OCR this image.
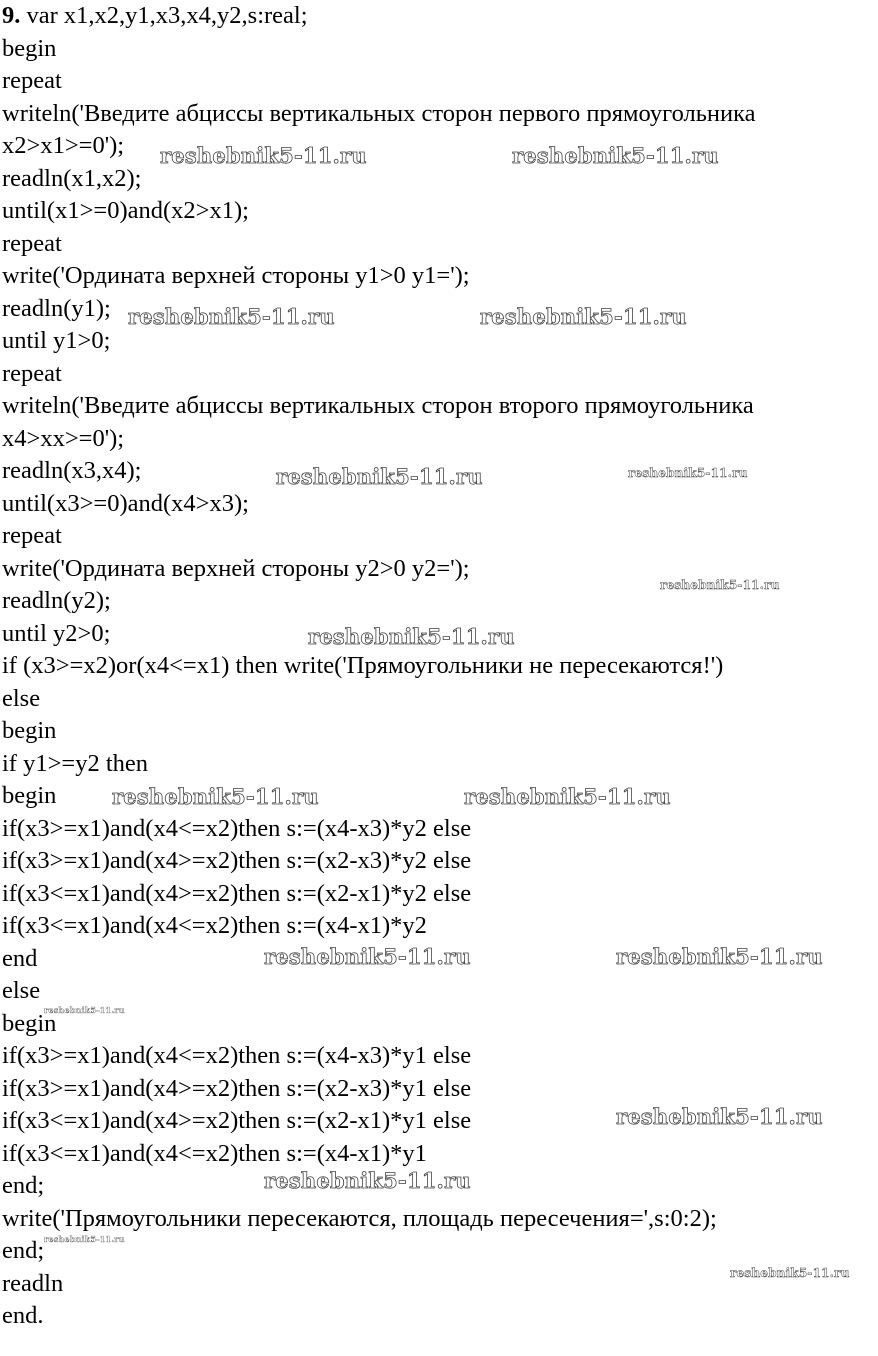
9. var x1,x2,y1,x3,x4,y2,s:real;
begin
repeat
writeln('Введите абциссы вертикальных сторон первого прямоугольника
x2>x1>=0');
readln(x1,x2);
until(x1>=0)and(x2>x1);
repeat
write('Ордината верхней стороны y1>0 y1=');
readln(y1);
until y1>0;
repeat
writeln('Введите абциссы вертикальных сторон второго прямоугольника
x4>xx>=0');
readln(x3,x4);
until(x3>=0)and(x4>x3);
repeat
write('Ордината верхней стороны y2>0 y2=');
readln(y2);
until y2>0;
if (x3>=x2)or(x4<=x1) then write('Прямоугольники не пересекаются!')
else
begin
if y1>=y2 then
begin
if(x3>=x1)and(x4<=x2)then s:=(x4-x3)*y2 else
if(x3>=x1)and(x4>=x2)then s:=(x2-x3)*y2 else
if(x3<=x1)and(x4>=x2)then s:=(x2-x1)*y2 else
if(x3<=x1)and(x4<=x2)then s:=(x4-x1)*y2
end
else
begin
if(x3>=x1)and(x4<=x2)then s:=(x4-x3)*y1 else
if(x3>=x1)and(x4>=x2)then s:=(x2-x3)*y1 else
if(x3<=x1)and(x4>=x2)then s:=(x2-x1)*y1 else
if(x3<=x1)and(x4<=x2)then s:=(x4-x1)*y1
end;
write('Прямоугольники пересекаются, площадь пересечения=',s:0:2);
end;
readln
end.
reshebnik5-11.ru	reshebnik5-11.ru
reshebnik5-11.ru	reshebnik5-11.ru
reshebnik5-11.ru	reshebnik5-11.ru
reshebnik5-11.ru
reshebnik5-11.ru
reshebnik5-11.ru	reshebnik5-11.ru
reshebnik5-11.ru	reshebnik5-11.ru
reshebnik5-11.ru
reshebnik5-11.ru
reshebnik5-11.ru
reshebnik5-11.ru
reshebnik5-11.ru
